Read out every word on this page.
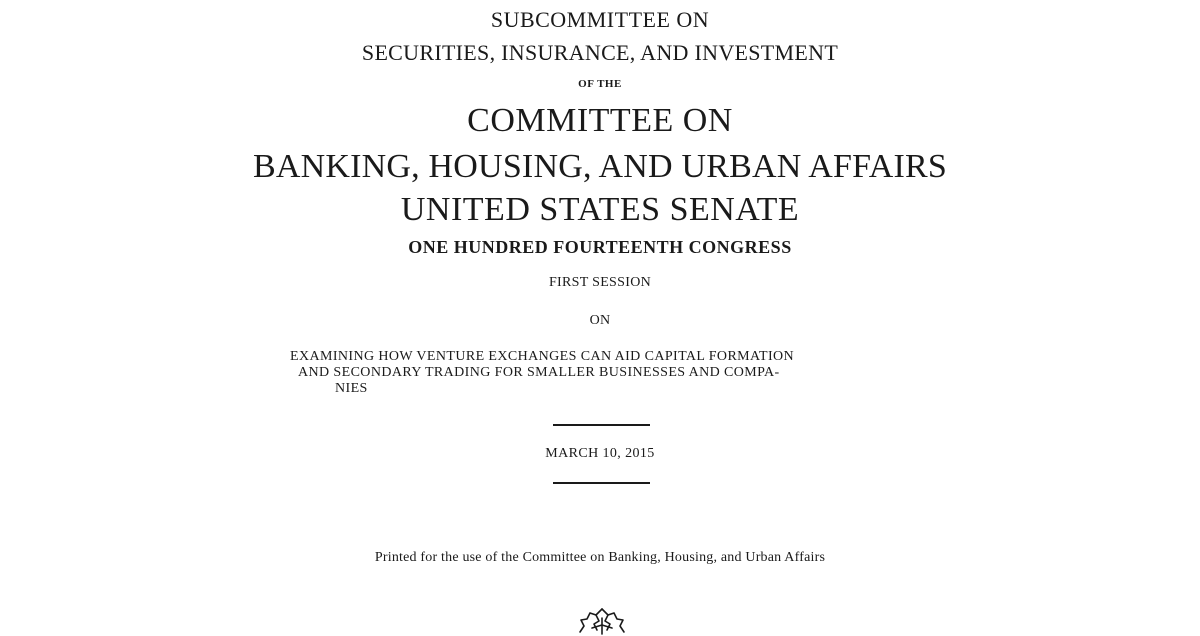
SUBCOMMITTEE ON
SECURITIES, INSURANCE, AND INVESTMENT
OF THE
COMMITTEE ON
BANKING, HOUSING, AND URBAN AFFAIRS
UNITED STATES SENATE
ONE HUNDRED FOURTEENTH CONGRESS
FIRST SESSION
ON
EXAMINING HOW VENTURE EXCHANGES CAN AID CAPITAL FORMATION
AND SECONDARY TRADING FOR SMALLER BUSINESSES AND COMPA-
NIES
MARCH 10, 2015
Printed for the use of the Committee on Banking, Housing, and Urban Affairs
